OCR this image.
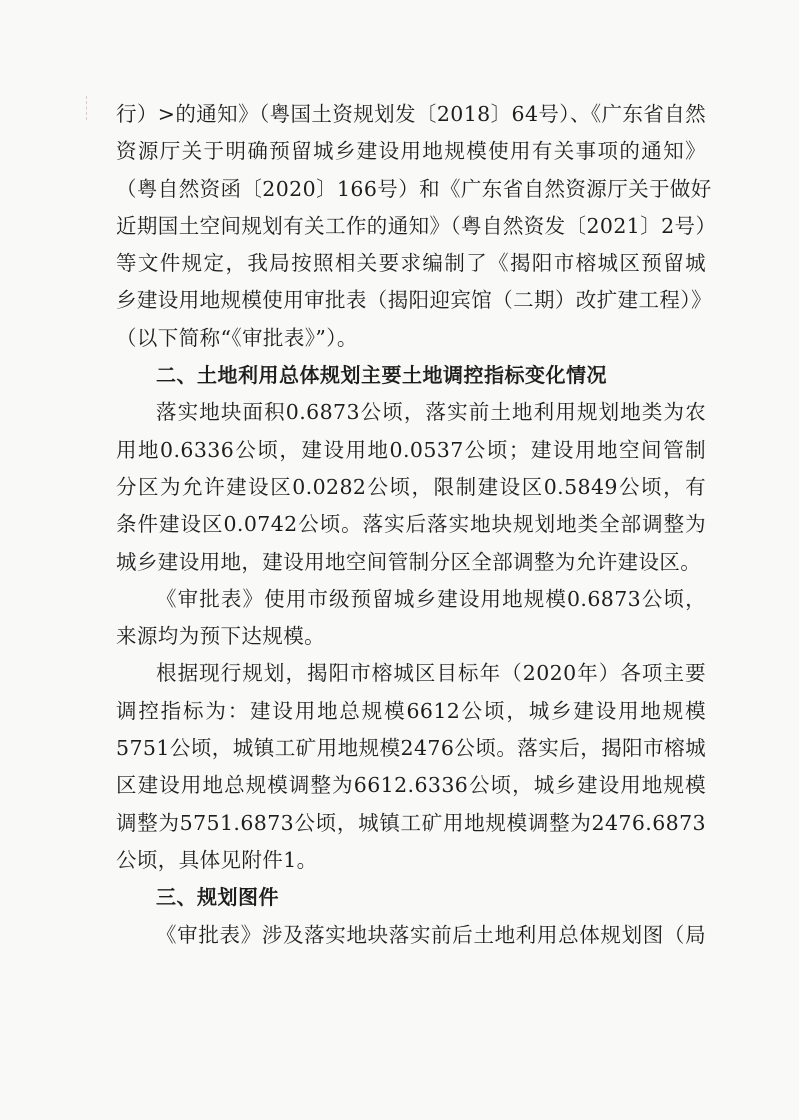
行）>的通知》（粤国土资规划发〔2018〕64号）、《广东省自然
资源厅关于明确预留城乡建设用地规模使用有关事项的通知》
（粤自然资函〔2020〕166号）和《广东省自然资源厅关于做好
近期国土空间规划有关工作的通知》（粤自然资发〔2021〕2号）
等文件规定，我局按照相关要求编制了《揭阳市榕城区预留城
乡建设用地规模使用审批表（揭阳迎宾馆（二期）改扩建工程）》
（以下简称“《审批表》”）。
二、土地利用总体规划主要土地调控指标变化情况
落实地块面积0.6873公顷，落实前土地利用规划地类为农
用地0.6336公顷，建设用地0.0537公顷；建设用地空间管制
分区为允许建设区0.0282公顷，限制建设区0.5849公顷，有
条件建设区0.0742公顷。落实后落实地块规划地类全部调整为
城乡建设用地，建设用地空间管制分区全部调整为允许建设区。
《审批表》使用市级预留城乡建设用地规模0.6873公顷，
来源均为预下达规模。
根据现行规划，揭阳市榕城区目标年（2020年）各项主要
调控指标为：建设用地总规模6612公顷，城乡建设用地规模
5751公顷，城镇工矿用地规模2476公顷。落实后，揭阳市榕城
区建设用地总规模调整为6612.6336公顷，城乡建设用地规模
调整为5751.6873公顷，城镇工矿用地规模调整为2476.6873
公顷，具体见附件1。
三、规划图件
《审批表》涉及落实地块落实前后土地利用总体规划图（局
